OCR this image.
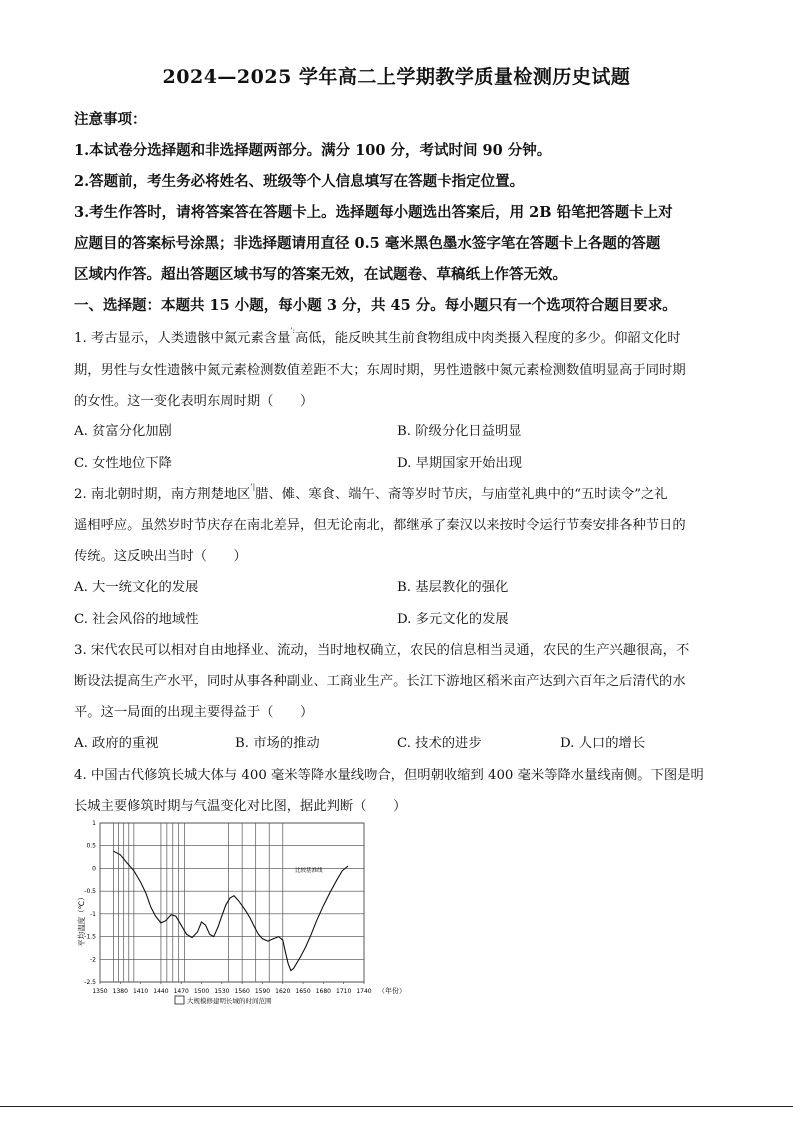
2024—2025 学年高二上学期教学质量检测历史试题
注意事项：
1.本试卷分选择题和非选择题两部分。满分 100 分，考试时间 90 分钟。
2.答题前，考生务必将姓名、班级等个人信息填写在答题卡指定位置。
3.考生作答时，请将答案答在答题卡上。选择题每小题选出答案后，用 2B 铅笔把答题卡上对
应题目的答案标号涂黑；非选择题请用直径 0.5 毫米黑色墨水签字笔在答题卡上各题的答题
区域内作答。超出答题区域书写的答案无效，在试题卷、草稿纸上作答无效。
一、选择题：本题共 15 小题，每小题 3 分，共 45 分。每小题只有一个选项符合题目要求。
1. 考古显示，人类遗骸中氮元素含量’:高低，能反映其生前食物组成中肉类摄入程度的多少。仰韶文化时
期，男性与女性遗骸中氮元素检测数值差距不大；东周时期，男性遗骸中氮元素检测数值明显高于同时期
的女性。这一变化表明东周时期（　　）
A. 贫富分化加剧	B. 阶级分化日益明显
C. 女性地位下降	D. 早期国家开始出现
2. 南北朝时期，南方荆楚地区’|腊、傩、寒食、端午、斋等岁时节庆，与庙堂礼典中的“五时读令”之礼
遥相呼应。虽然岁时节庆存在南北差异，但无论南北，都继承了秦汉以来按时令运行节奏安排各种节日的
传统。这反映出当时（　　）
A. 大一统文化的发展	B. 基层教化的强化
C. 社会风俗的地域性	D. 多元文化的发展
3. 宋代农民可以相对自由地择业、流动，当时地权确立，农民的信息相当灵通，农民的生产兴趣很高，不
断设法提高生产水平，同时从事各种副业、工商业生产。长江下游地区稻米亩产达到六百年之后清代的水
平。这一局面的出现主要得益于（　　）
A. 政府的重视	B. 市场的推动	C. 技术的进步	D. 人口的增长
4. 中国古代修筑长城大体与 400 毫米等降水量线吻合，但明朝收缩到 400 毫米等降水量线南侧。下图是明
长城主要修筑时期与气温变化对比图，据此判断（　　）
1
0.5
0
-0.5
-1
-1.5
-2
-2.5
1350 1380 1410 1440 1470 1500 1530 1560 1590 1620 1650 1680 1710 1740
平均温度（℃）
（年份）
比较基准线
大规模修建明长城的时间范围
